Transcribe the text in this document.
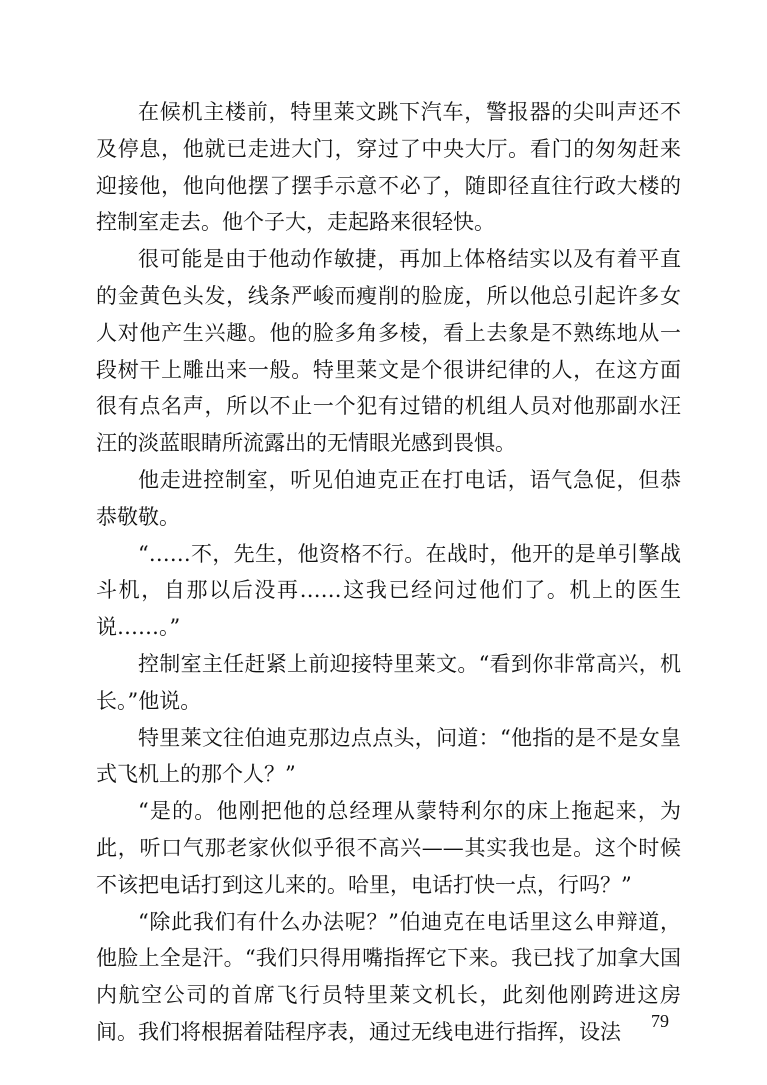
在候机主楼前，特里莱文跳下汽车，警报器的尖叫声还不及停息，他就已走进大门，穿过了中央大厅。看门的匆匆赶来迎接他，他向他摆了摆手示意不必了，随即径直往行政大楼的控制室走去。他个子大，走起路来很轻快。

很可能是由于他动作敏捷，再加上体格结实以及有着平直的金黄色头发，线条严峻而瘦削的脸庞，所以他总引起许多女人对他产生兴趣。他的脸多角多棱，看上去象是不熟练地从一段树干上雕出来一般。特里莱文是个很讲纪律的人，在这方面很有点名声，所以不止一个犯有过错的机组人员对他那副水汪汪的淡蓝眼睛所流露出的无情眼光感到畏惧。

他走进控制室，听见伯迪克正在打电话，语气急促，但恭恭敬敬。

“……不，先生，他资格不行。在战时，他开的是单引擎战斗机，自那以后没再……这我已经问过他们了。机上的医生说……。”

控制室主任赶紧上前迎接特里莱文。“看到你非常高兴，机长。”他说。

特里莱文往伯迪克那边点点头，问道：“他指的是不是女皇式飞机上的那个人？”

“是的。他刚把他的总经理从蒙特利尔的床上拖起来，为此，听口气那老家伙似乎很不高兴——其实我也是。这个时候不该把电话打到这儿来的。哈里，电话打快一点，行吗？”

“除此我们有什么办法呢？”伯迪克在电话里这么申辩道，他脸上全是汗。“我们只得用嘴指挥它下来。我已找了加拿大国内航空公司的首席飞行员特里莱文机长，此刻他刚跨进这房间。我们将根据着陆程序表，通过无线电进行指挥，设法	79
